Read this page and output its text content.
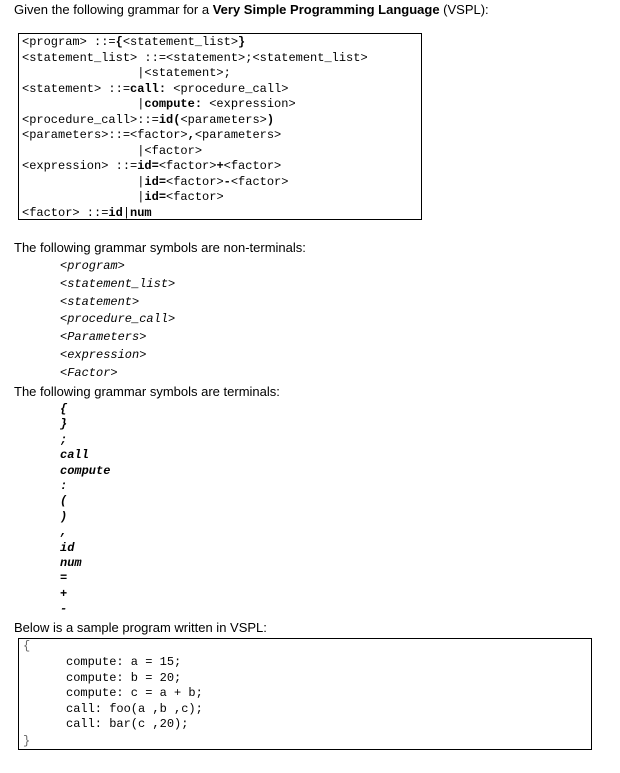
Given the following grammar for a Very Simple Programming Language (VSPL):
<program> ::={<statement_list>}
<statement_list> ::=<statement>;<statement_list>
|<statement>;
<statement> ::=call: <procedure_call>
|compute: <expression>
<procedure_call>::=id(<parameters>)
<parameters>::=<factor>,<parameters>
|<factor>
<expression> ::=id=<factor>+<factor>
|id=<factor>-<factor>
|id=<factor>
<factor> ::=id|num
The following grammar symbols are non-terminals:
<program>
<statement_list>
<statement>
<procedure_call>
<Parameters>
<expression>
<Factor>
The following grammar symbols are terminals:
{
}
;
call
compute
:
(
)
,
id
num
=
+
-
Below is a sample program written in VSPL:

{

compute: a = 15;
compute: b = 20;
compute: c = a + b;
call: foo(a ,b ,c);
call: bar(c ,20);

}
